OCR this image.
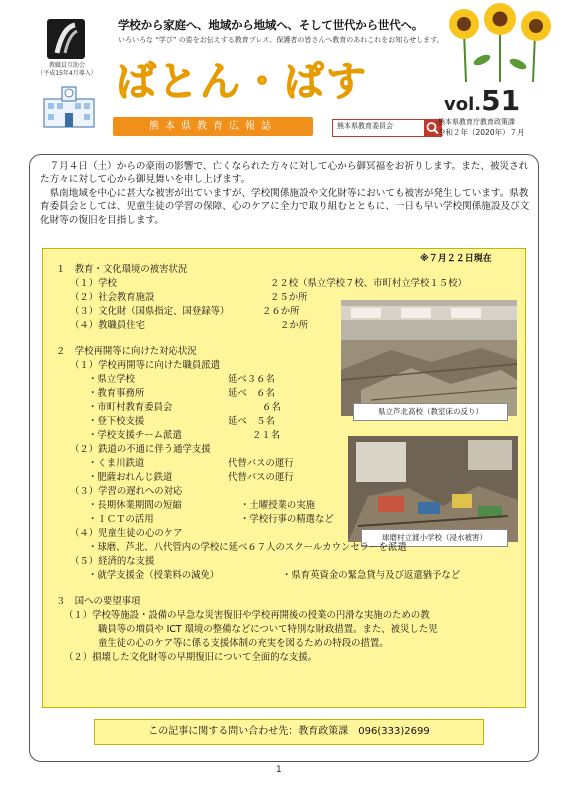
教職員互助会
（平成15年4月導入）
学校から家庭へ、地域から地域へ、そして世代から世代へ。
いろいろな “学び” の姿をお伝えする教育プレス、保護者の皆さんへ教育のあれこれをお知らせします。
ばとん・ぱす
熊本県教育広報誌	熊本県教育委員会
vol.51
熊本県教育庁教育政策課
令和２年（2020年）７月

７月４日（土）からの豪雨の影響で、亡くなられた方々に対して心から御冥福をお祈りします。また、被災された方々に対して心から御見舞いを申し上げます。

県南地域を中心に甚大な被害が出ていますが、学校関係施設や文化財等においても被害が発生しています。県教育委員会としては、児童生徒の学習の保障、心のケアに全力で取り組むとともに、一日も早い学校関係施設及び文化財等の復旧を目指します。

※７月２２日現在
１　教育・文化環境の被害状況
（１）学校	２２校（県立学校７校、市町村立学校１５校）
（２）社会教育施設	２５か所
（３）文化財（国県指定、国登録等）	２６か所
（４）教職員住宅	２か所
県立芦北高校（教室床の反り）
２　学校再開等に向けた対応状況
（１）学校再開等に向けた職員派遣
・県立学校	延べ３６名
・教育事務所	延べ　６名
・市町村教育委員会	６名
・登下校支援	延べ　５名
・学校支援チーム派遣	２１名
（２）鉄道の不通に伴う通学支援
・くま川鉄道	代替バスの運行
・肥薩おれんじ鉄道	代替バスの運行
球磨村立渡小学校（浸水被害）
（３）学習の遅れへの対応
・長期休業期間の短縮	・土曜授業の実施
・ＩＣＴの活用	・学校行事の精選など
（４）児童生徒の心のケア
・球磨、芦北、八代管内の学校に延べ６７人のスクールカウンセラーを派遣
（５）経済的な支援
・就学支援金（授業料の減免）	・県育英資金の緊急貸与及び返還猶予など
３　国への要望事項
（１）学校等施設・設備の早急な災害復旧や学校再開後の授業の円滑な実施のための教
職員等の増員や ICT 環境の整備などについて特別な財政措置。また、被災した児
童生徒の心のケア等に係る支援体制の充実を図るための特段の措置。
（２）損壊した文化財等の早期復旧について全面的な支援。
この記事に関する問い合わせ先：教育政策課　096(333)2699
1
